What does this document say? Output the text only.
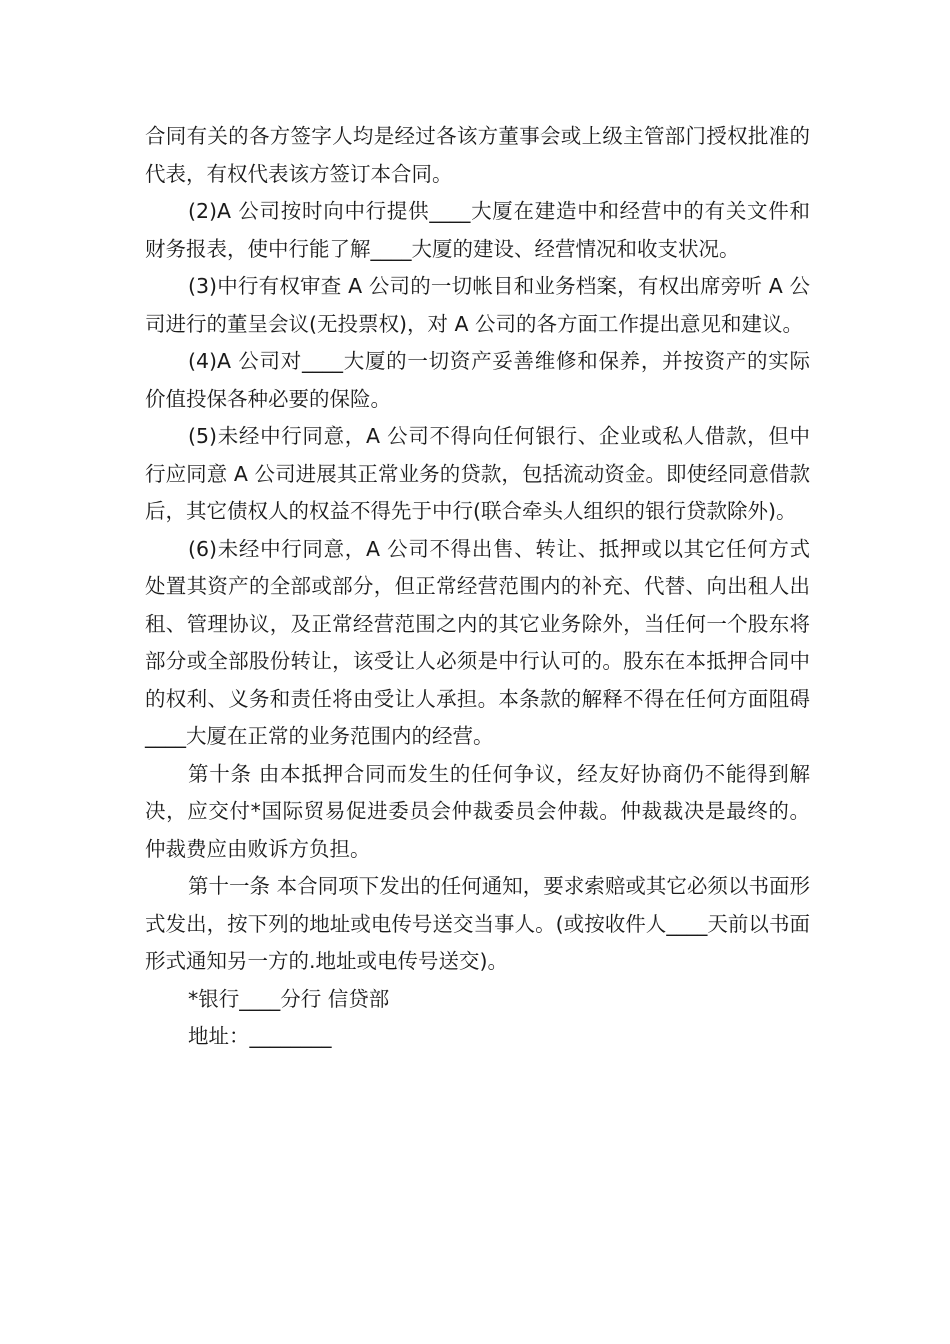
合同有关的各方签字人均是经过各该方董事会或上级主管部门授权批准的代表，有权代表该方签订本合同。

(2)A 公司按时向中行提供____大厦在建造中和经营中的有关文件和财务报表，使中行能了解____大厦的建设、经营情况和收支状况。

(3)中行有权审查 A 公司的一切帐目和业务档案，有权出席旁听 A 公司进行的董呈会议(无投票权)，对 A 公司的各方面工作提出意见和建议。

(4)A 公司对____大厦的一切资产妥善维修和保养，并按资产的实际价值投保各种必要的保险。

(5)未经中行同意，A 公司不得向任何银行、企业或私人借款，但中行应同意 A 公司进展其正常业务的贷款，包括流动资金。即使经同意借款后，其它债权人的权益不得先于中行(联合牵头人组织的银行贷款除外)。

(6)未经中行同意，A 公司不得出售、转让、抵押或以其它任何方式处置其资产的全部或部分，但正常经营范围内的补充、代替、向出租人出租、管理协议，及正常经营范围之内的其它业务除外，当任何一个股东将部分或全部股份转让，该受让人必须是中行认可的。股东在本抵押合同中的权利、义务和责任将由受让人承担。本条款的解释不得在任何方面阻碍____大厦在正常的业务范围内的经营。

第十条 由本抵押合同而发生的任何争议，经友好协商仍不能得到解决，应交付*国际贸易促进委员会仲裁委员会仲裁。仲裁裁决是最终的。仲裁费应由败诉方负担。

第十一条 本合同项下发出的任何通知，要求索赔或其它必须以书面形式发出，按下列的地址或电传号送交当事人。(或按收件人____天前以书面形式通知另一方的.地址或电传号送交)。

*银行____分行 信贷部

地址：________
